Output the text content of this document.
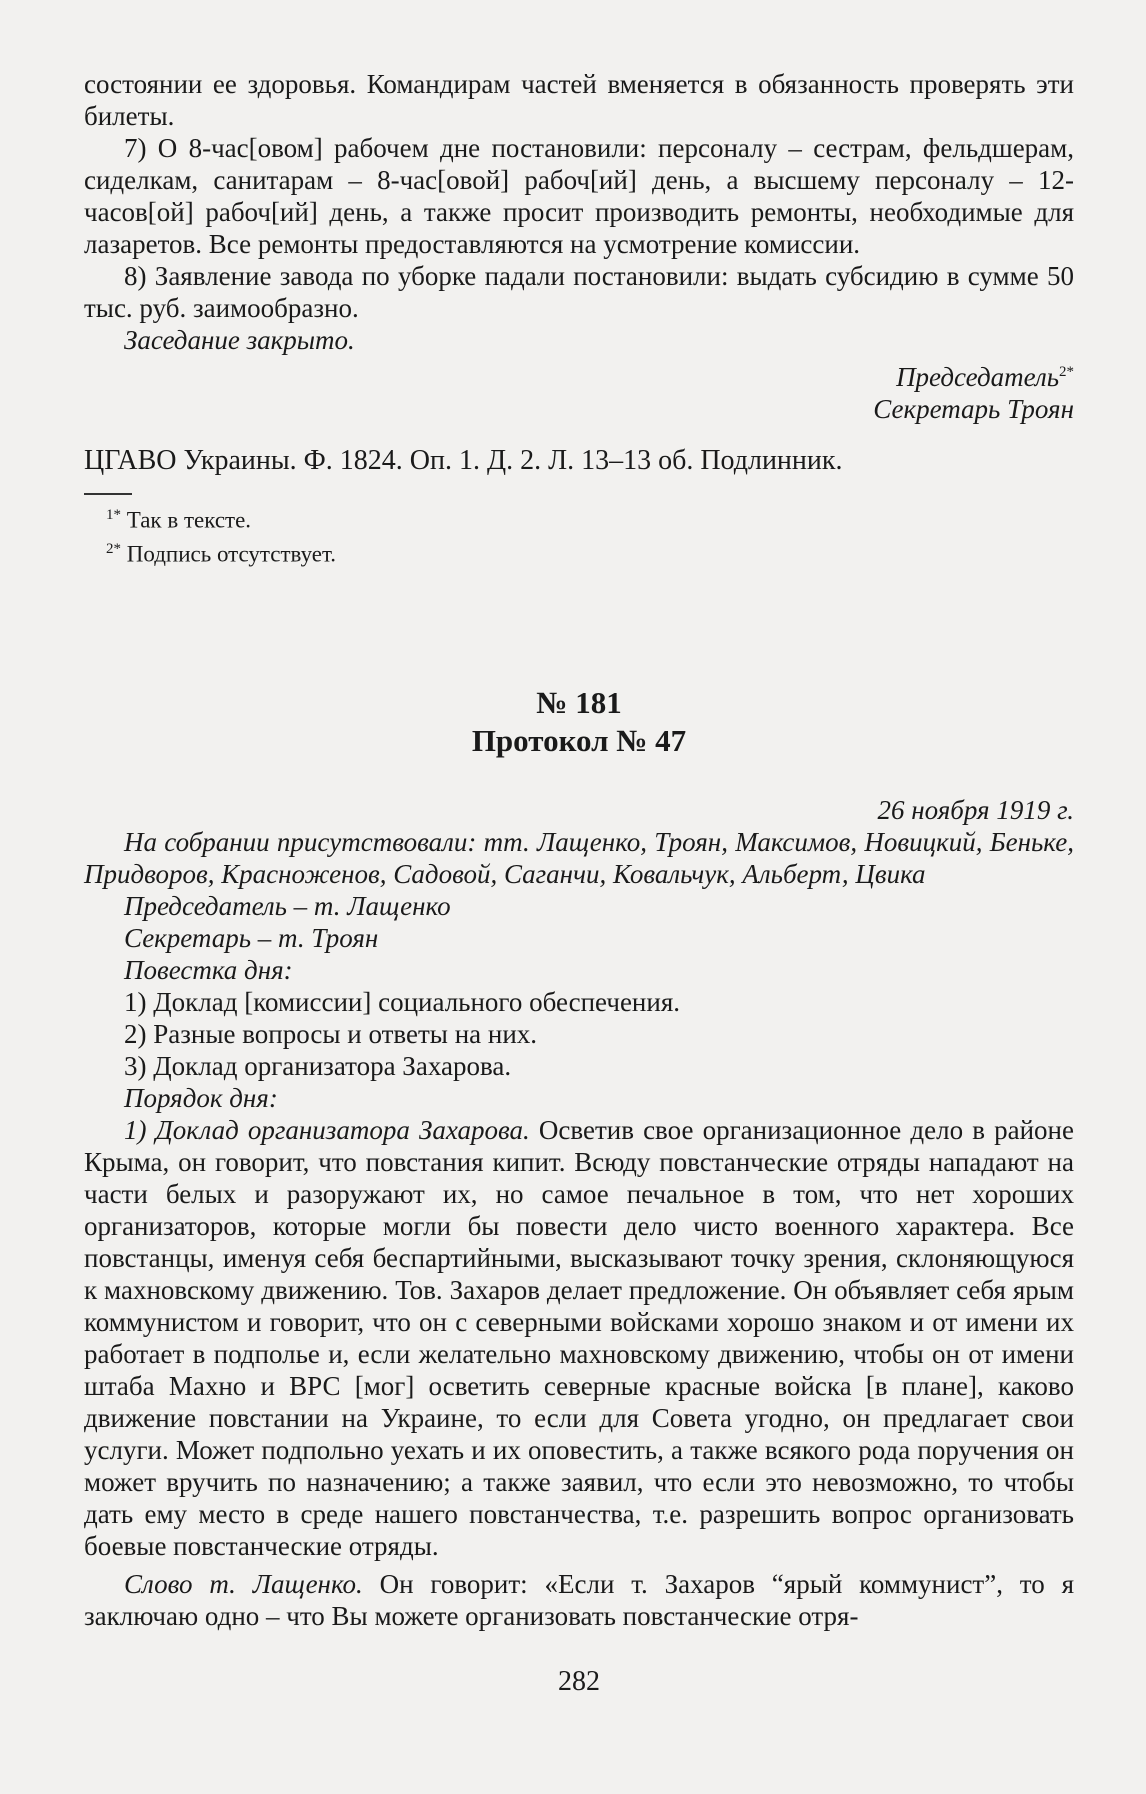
состоянии ее здоровья. Командирам частей вменяется в обязанность проверять эти билеты.

7) О 8-час[овом] рабочем дне постановили: персоналу – сестрам, фельдшерам, сиделкам, санитарам – 8-час[овой] рабоч[ий] день, а высшему персоналу – 12-часов[ой] рабоч[ий] день, а также просит производить ремонты, необходимые для лазаретов. Все ремонты предоставляются на усмотрение комиссии.

8) Заявление завода по уборке падали постановили: выдать субсидию в сумме 50 тыс. руб. заимообразно.

Заседание закрыто.

Председатель$^{2*}$

Секретарь Троян

ЦГАВО Украины. Ф. 1824. Оп. 1. Д. 2. Л. 13–13 об. Подлинник.

$^{1*}$ Так в тексте.

$^{2*}$ Подпись отсутствует.

№ 181

Протокол № 47

26 ноября 1919 г.

На собрании присутствовали: тт. Лащенко, Троян, Максимов, Новицкий, Беньке, Придворов, Красноженов, Садовой, Саганчи, Ковальчук, Альберт, Цвика

Председатель – т. Лащенко

Секретарь – т. Троян

Повестка дня:

1) Доклад [комиссии] социального обеспечения.

2) Разные вопросы и ответы на них.

3) Доклад организатора Захарова.

Порядок дня:

1) Доклад организатора Захарова. Осветив свое организационное дело в районе Крыма, он говорит, что повстания кипит. Всюду повстанческие отряды нападают на части белых и разоружают их, но самое печальное в том, что нет хороших организаторов, которые могли бы повести дело чисто военного характера. Все повстанцы, именуя себя беспартийными, высказывают точку зрения, склоняющуюся к махновскому движению. Тов. Захаров делает предложение. Он объявляет себя ярым коммунистом и говорит, что он с северными войсками хорошо знаком и от имени их работает в подполье и, если желательно махновскому движению, чтобы он от имени штаба Махно и ВРС [мог] осветить северные красные войска [в плане], каково движение повстании на Украине, то если для Совета угодно, он предлагает свои услуги. Может подпольно уехать и их оповестить, а также всякого рода поручения он может вручить по назначению; а также заявил, что если это невозможно, то чтобы дать ему место в среде нашего повстанчества, т.е. разрешить вопрос организовать боевые повстанческие отряды.

Слово т. Лащенко. Он говорит: «Если т. Захаров “ярый коммунист”, то я заключаю одно – что Вы можете организовать повстанческие отря-

282
